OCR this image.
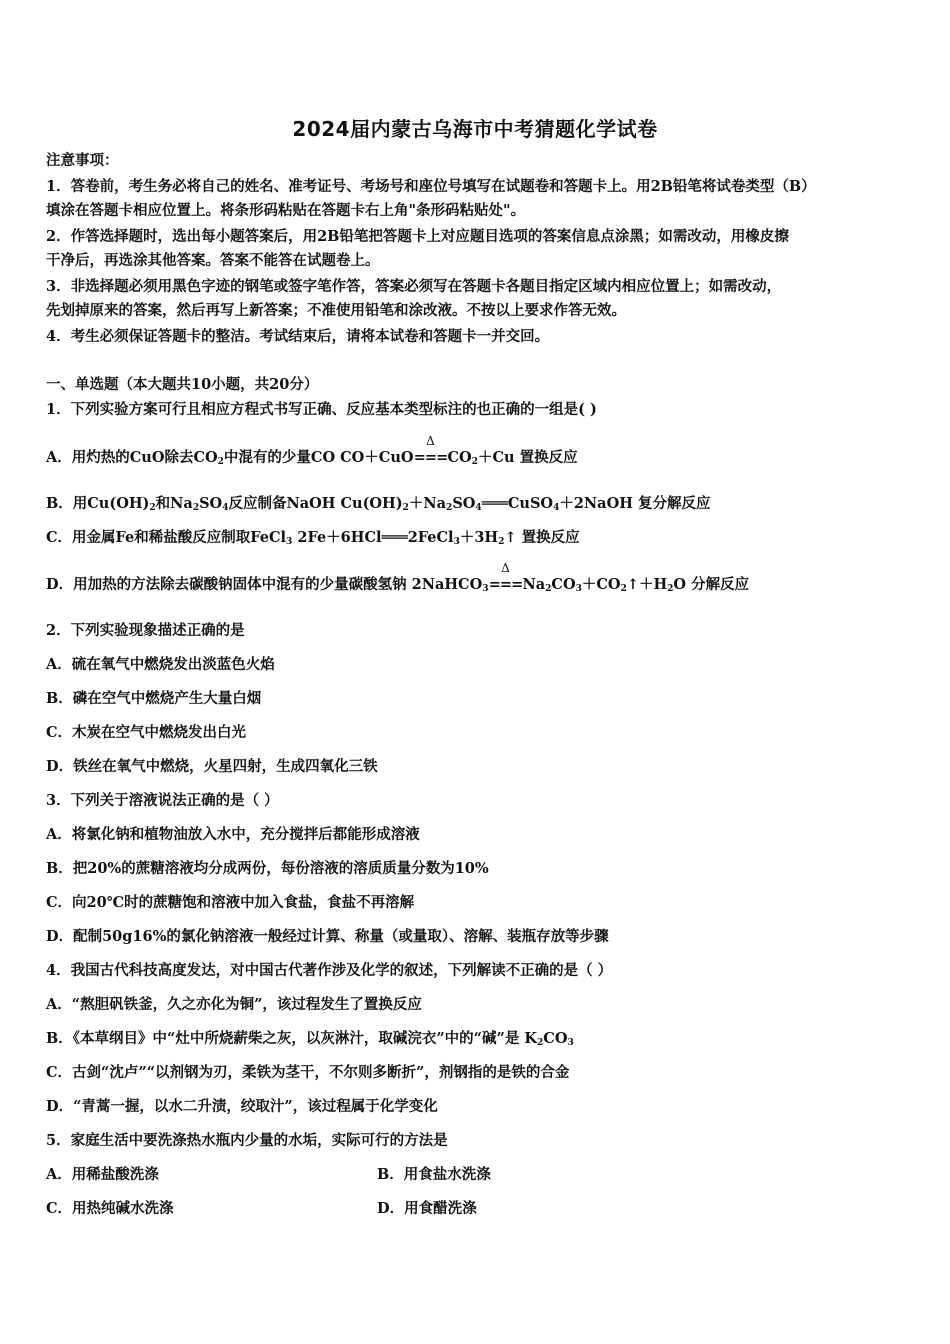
2024届内蒙古乌海市中考猜题化学试卷
注意事项：
1．答卷前，考生务必将自己的姓名、准考证号、考场号和座位号填写在试题卷和答题卡上。用2B铅笔将试卷类型（B）
填涂在答题卡相应位置上。将条形码粘贴在答题卡右上角"条形码粘贴处"。
2．作答选择题时，选出每小题答案后，用2B铅笔把答题卡上对应题目选项的答案信息点涂黑；如需改动，用橡皮擦
干净后，再选涂其他答案。答案不能答在试题卷上。
3．非选择题必须用黑色字迹的钢笔或签字笔作答，答案必须写在答题卡各题目指定区域内相应位置上；如需改动，
先划掉原来的答案，然后再写上新答案；不准使用铅笔和涂改液。不按以上要求作答无效。
4．考生必须保证答题卡的整洁。考试结束后，请将本试卷和答题卡一并交回。
一、单选题（本大题共10小题，共20分）
1．下列实验方案可行且相应方程式书写正确、反应基本类型标注的也正确的一组是( )
A．用灼热的CuO除去$CO_2$中混有的少量CO CO＋CuO
Δ
$===CO_2+Cu$ 置换反应
B．用$Cu(OH)_2$和$Na_2SO_4$反应制备NaOH $Cu(OH)_2+Na_2SO_4═══CuSO_4+2NaOH$ 复分解反应
C．用金属Fe和稀盐酸反应制取FeCl$_3$ $2Fe+6HCl═══2FeCl_3+3H_2↑$ 置换反应
D．用加热的方法除去碳酸钠固体中混有的少量碳酸氢钠 2NaHCO$_3$
Δ
$===Na_2CO_3+CO_2↑+H_2O$ 分解反应
2．下列实验现象描述正确的是
A．硫在氧气中燃烧发出淡蓝色火焰
B．磷在空气中燃烧产生大量白烟
C．木炭在空气中燃烧发出白光
D．铁丝在氧气中燃烧，火星四射，生成四氧化三铁
3．下列关于溶液说法正确的是（ ）
A．将氯化钠和植物油放入水中，充分搅拌后都能形成溶液
B．把20%的蔗糖溶液均分成两份，每份溶液的溶质质量分数为10%
C．向20℃时的蔗糖饱和溶液中加入食盐，食盐不再溶解
D．配制50g16%的氯化钠溶液一般经过计算、称量（或量取）、溶解、装瓶存放等步骤
4．我国古代科技高度发达，对中国古代著作涉及化学的叙述，下列解读不正确的是（ ）
A．“熬胆矾铁釜，久之亦化为铜”，该过程发生了置换反应
B．《本草纲目》中“灶中所烧薪柴之灰，以灰淋汁，取碱浣衣”中的“碱”是 $K_2CO_3$
C．古剑“沈卢”“以剂钢为刃，柔铁为茎干，不尔则多断折”，剂钢指的是铁的合金
D．“青蒿一握，以水二升渍，绞取汁”，该过程属于化学变化
5．家庭生活中要洗涤热水瓶内少量的水垢，实际可行的方法是
A．用稀盐酸洗涤	B．用食盐水洗涤
C．用热纯碱水洗涤	D．用食醋洗涤
